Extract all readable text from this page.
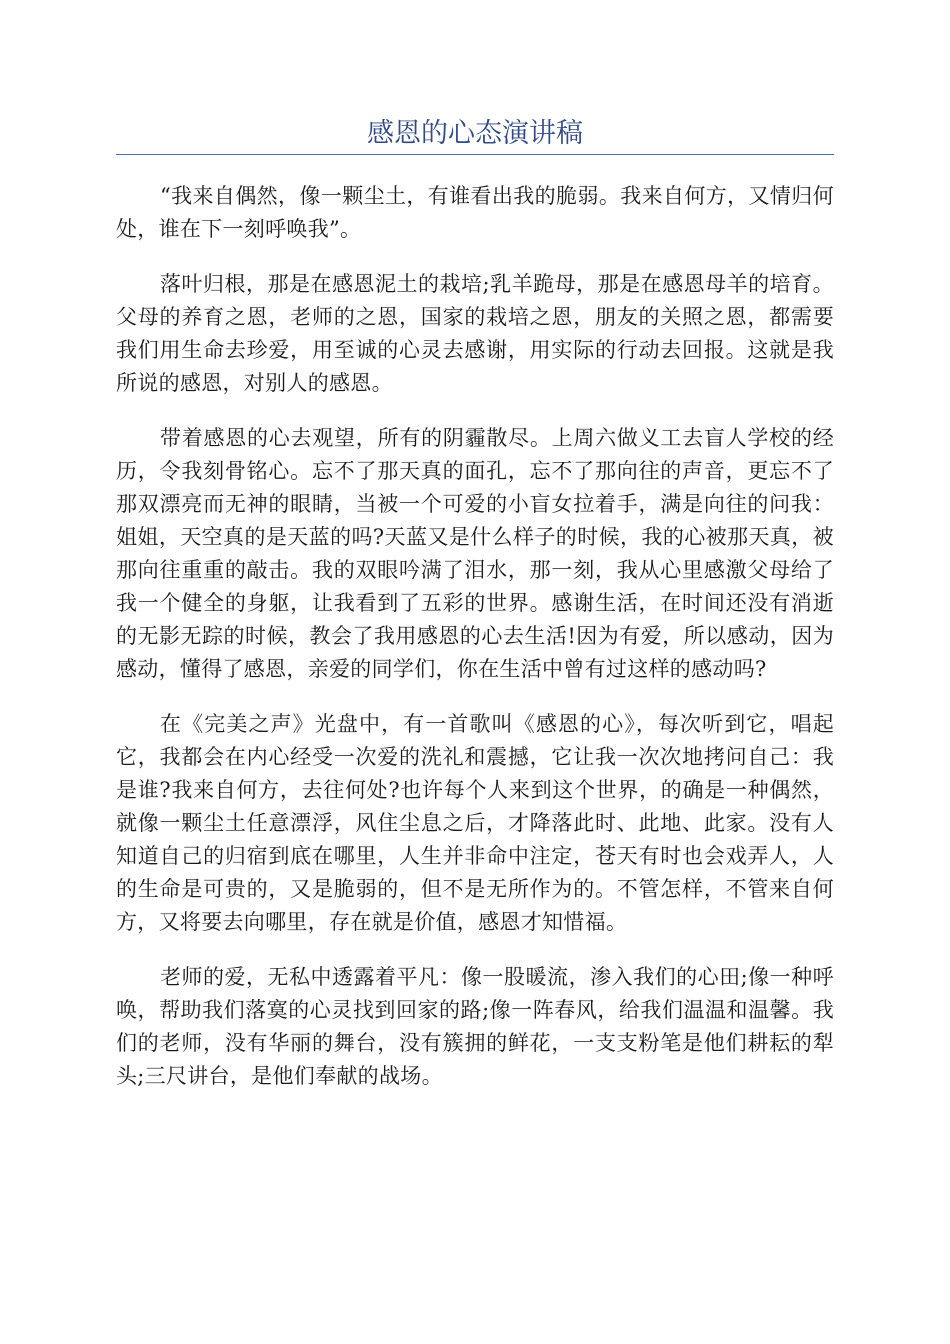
感恩的心态演讲稿

“我来自偶然，像一颗尘土，有谁看出我的脆弱。我来自何方，又情归何处，谁在下一刻呼唤我”。

落叶归根，那是在感恩泥土的栽培;乳羊跪母，那是在感恩母羊的培育。父母的养育之恩，老师的之恩，国家的栽培之恩，朋友的关照之恩，都需要我们用生命去珍爱，用至诚的心灵去感谢，用实际的行动去回报。这就是我所说的感恩，对别人的感恩。

带着感恩的心去观望，所有的阴霾散尽。上周六做义工去盲人学校的经历，令我刻骨铭心。忘不了那天真的面孔，忘不了那向往的声音，更忘不了那双漂亮而无神的眼睛，当被一个可爱的小盲女拉着手，满是向往的问我：姐姐，天空真的是天蓝的吗?天蓝又是什么样子的时候，我的心被那天真，被那向往重重的敲击。我的双眼吟满了泪水，那一刻，我从心里感激父母给了我一个健全的身躯，让我看到了五彩的世界。感谢生活，在时间还没有消逝的无影无踪的时候，教会了我用感恩的心去生活!因为有爱，所以感动，因为感动，懂得了感恩，亲爱的同学们，你在生活中曾有过这样的感动吗?

在《完美之声》光盘中，有一首歌叫《感恩的心》，每次听到它，唱起它，我都会在内心经受一次爱的洗礼和震撼，它让我一次次地拷问自己：我是谁?我来自何方，去往何处?也许每个人来到这个世界，的确是一种偶然，就像一颗尘土任意漂浮，风住尘息之后，才降落此时、此地、此家。没有人知道自己的归宿到底在哪里，人生并非命中注定，苍天有时也会戏弄人，人的生命是可贵的，又是脆弱的，但不是无所作为的。不管怎样，不管来自何方，又将要去向哪里，存在就是价值，感恩才知惜福。

老师的爱，无私中透露着平凡：像一股暖流，渗入我们的心田;像一种呼唤，帮助我们落寞的心灵找到回家的路;像一阵春风，给我们温温和温馨。我们的老师，没有华丽的舞台，没有簇拥的鲜花，一支支粉笔是他们耕耘的犁头;三尺讲台，是他们奉献的战场。
